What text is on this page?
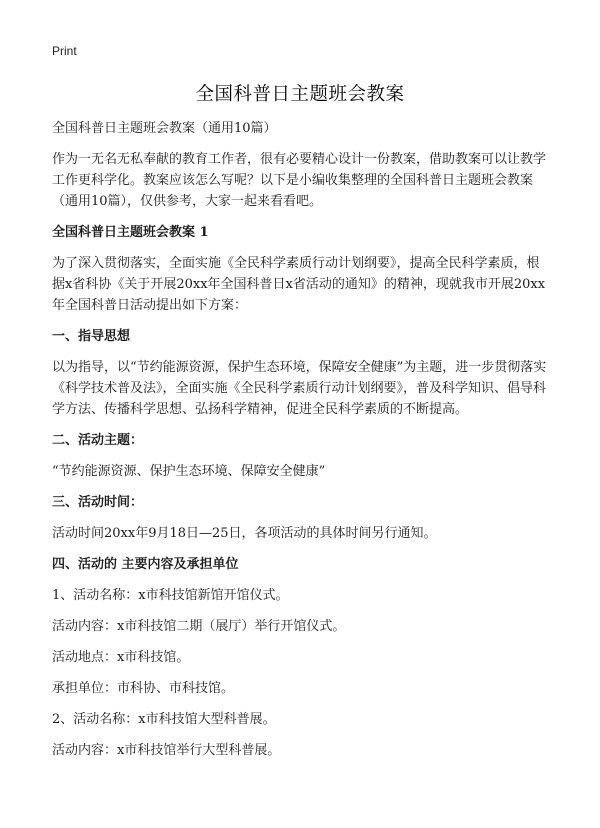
Print
全国科普日主题班会教案

全国科普日主题班会教案（通用10篇）

作为一无名无私奉献的教育工作者，很有必要精心设计一份教案，借助教案可以让教学工作更科学化。教案应该怎么写呢？以下是小编收集整理的全国科普日主题班会教案（通用10篇），仅供参考，大家一起来看看吧。

全国科普日主题班会教案 1

为了深入贯彻落实，全面实施《全民科学素质行动计划纲要》，提高全民科学素质，根据x省科协《关于开展20xx年全国科普日x省活动的通知》的精神，现就我市开展20xx年全国科普日活动提出如下方案：

一、指导思想

以为指导，以“节约能源资源，保护生态环境，保障安全健康”为主题，进一步贯彻落实《科学技术普及法》，全面实施《全民科学素质行动计划纲要》，普及科学知识、倡导科学方法、传播科学思想、弘扬科学精神，促进全民科学素质的不断提高。

二、活动主题：

“节约能源资源、保护生态环境、保障安全健康”

三、活动时间：

活动时间20xx年9月18日—25日，各项活动的具体时间另行通知。

四、活动的 主要内容及承担单位

1、活动名称：x市科技馆新馆开馆仪式。

活动内容：x市科技馆二期（展厅）举行开馆仪式。

活动地点：x市科技馆。

承担单位：市科协、市科技馆。

2、活动名称：x市科技馆大型科普展。

活动内容：x市科技馆举行大型科普展。
